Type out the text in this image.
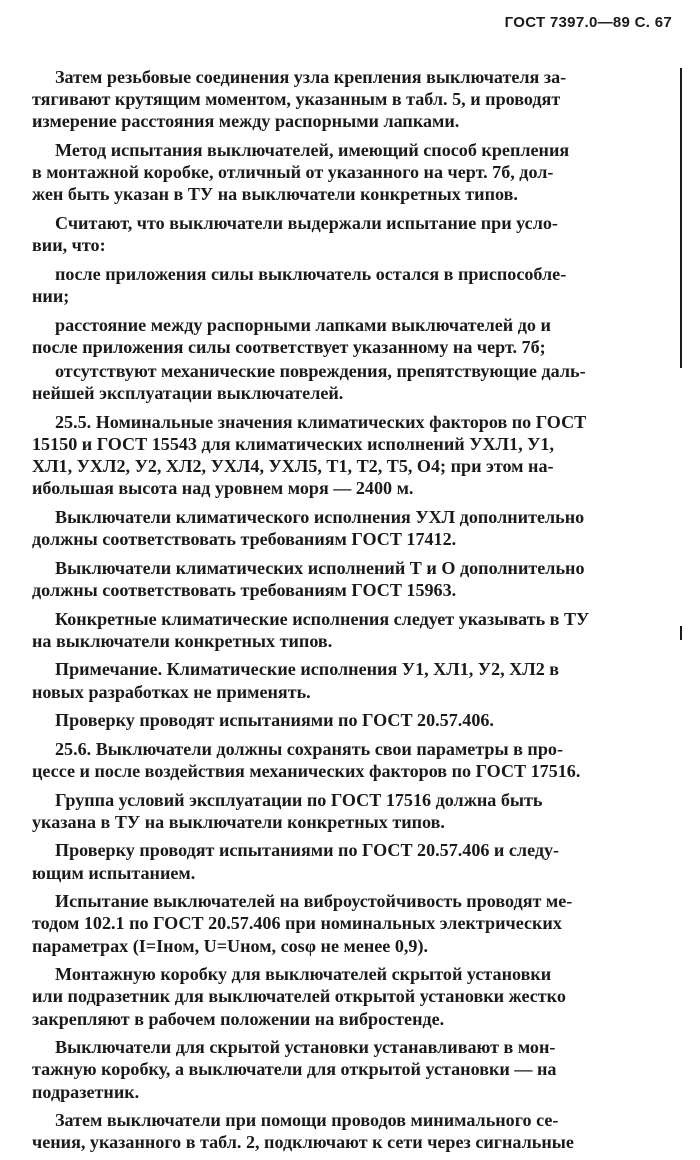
ГОСТ 7397.0—89 С. 67

Затем резьбовые соединения узла крепления выключателя за-
тягивают крутящим моментом, указанным в табл. 5, и проводят
измерение расстояния между распорными лапками.

Метод испытания выключателей, имеющий способ крепления
в монтажной коробке, отличный от указанного на черт. 7б, дол-
жен быть указан в ТУ на выключатели конкретных типов.

Считают, что выключатели выдержали испытание при усло-
вии, что:

после приложения силы выключатель остался в приспособле-
нии;

расстояние между распорными лапками выключателей до и
после приложения силы соответствует указанному на черт. 7б;

отсутствуют механические повреждения, препятствующие даль-
нейшей эксплуатации выключателей.

25.5. Номинальные значения климатических факторов по ГОСТ
15150 и ГОСТ 15543 для климатических исполнений УХЛ1, У1,
ХЛ1, УХЛ2, У2, ХЛ2, УХЛ4, УХЛ5, Т1, Т2, Т5, О4; при этом на-
ибольшая высота над уровнем моря — 2400 м.

Выключатели климатического исполнения УХЛ дополнительно
должны соответствовать требованиям ГОСТ 17412.

Выключатели климатических исполнений Т и О дополнительно
должны соответствовать требованиям ГОСТ 15963.

Конкретные климатические исполнения следует указывать в ТУ
на выключатели конкретных типов.

Примечание. Климатические исполнения У1, ХЛ1, У2, ХЛ2 в
новых разработках не применять.

Проверку проводят испытаниями по ГОСТ 20.57.406.

25.6. Выключатели должны сохранять свои параметры в про-
цессе и после воздействия механических факторов по ГОСТ 17516.

Группа условий эксплуатации по ГОСТ 17516 должна быть
указана в ТУ на выключатели конкретных типов.

Проверку проводят испытаниями по ГОСТ 20.57.406 и следу-
ющим испытанием.

Испытание выключателей на виброустойчивость проводят ме-
тодом 102.1 по ГОСТ 20.57.406 при номинальных электрических
параметрах (I=Iном, U=Uном, cosφ не менее 0,9).

Монтажную коробку для выключателей скрытой установки
или подразетник для выключателей открытой установки жестко
закрепляют в рабочем положении на вибростенде.

Выключатели для скрытой установки устанавливают в мон-
тажную коробку, а выключатели для открытой установки — на
подразетник.

Затем выключатели при помощи проводов минимального се-
чения, указанного в табл. 2, подключают к сети через сигнальные
